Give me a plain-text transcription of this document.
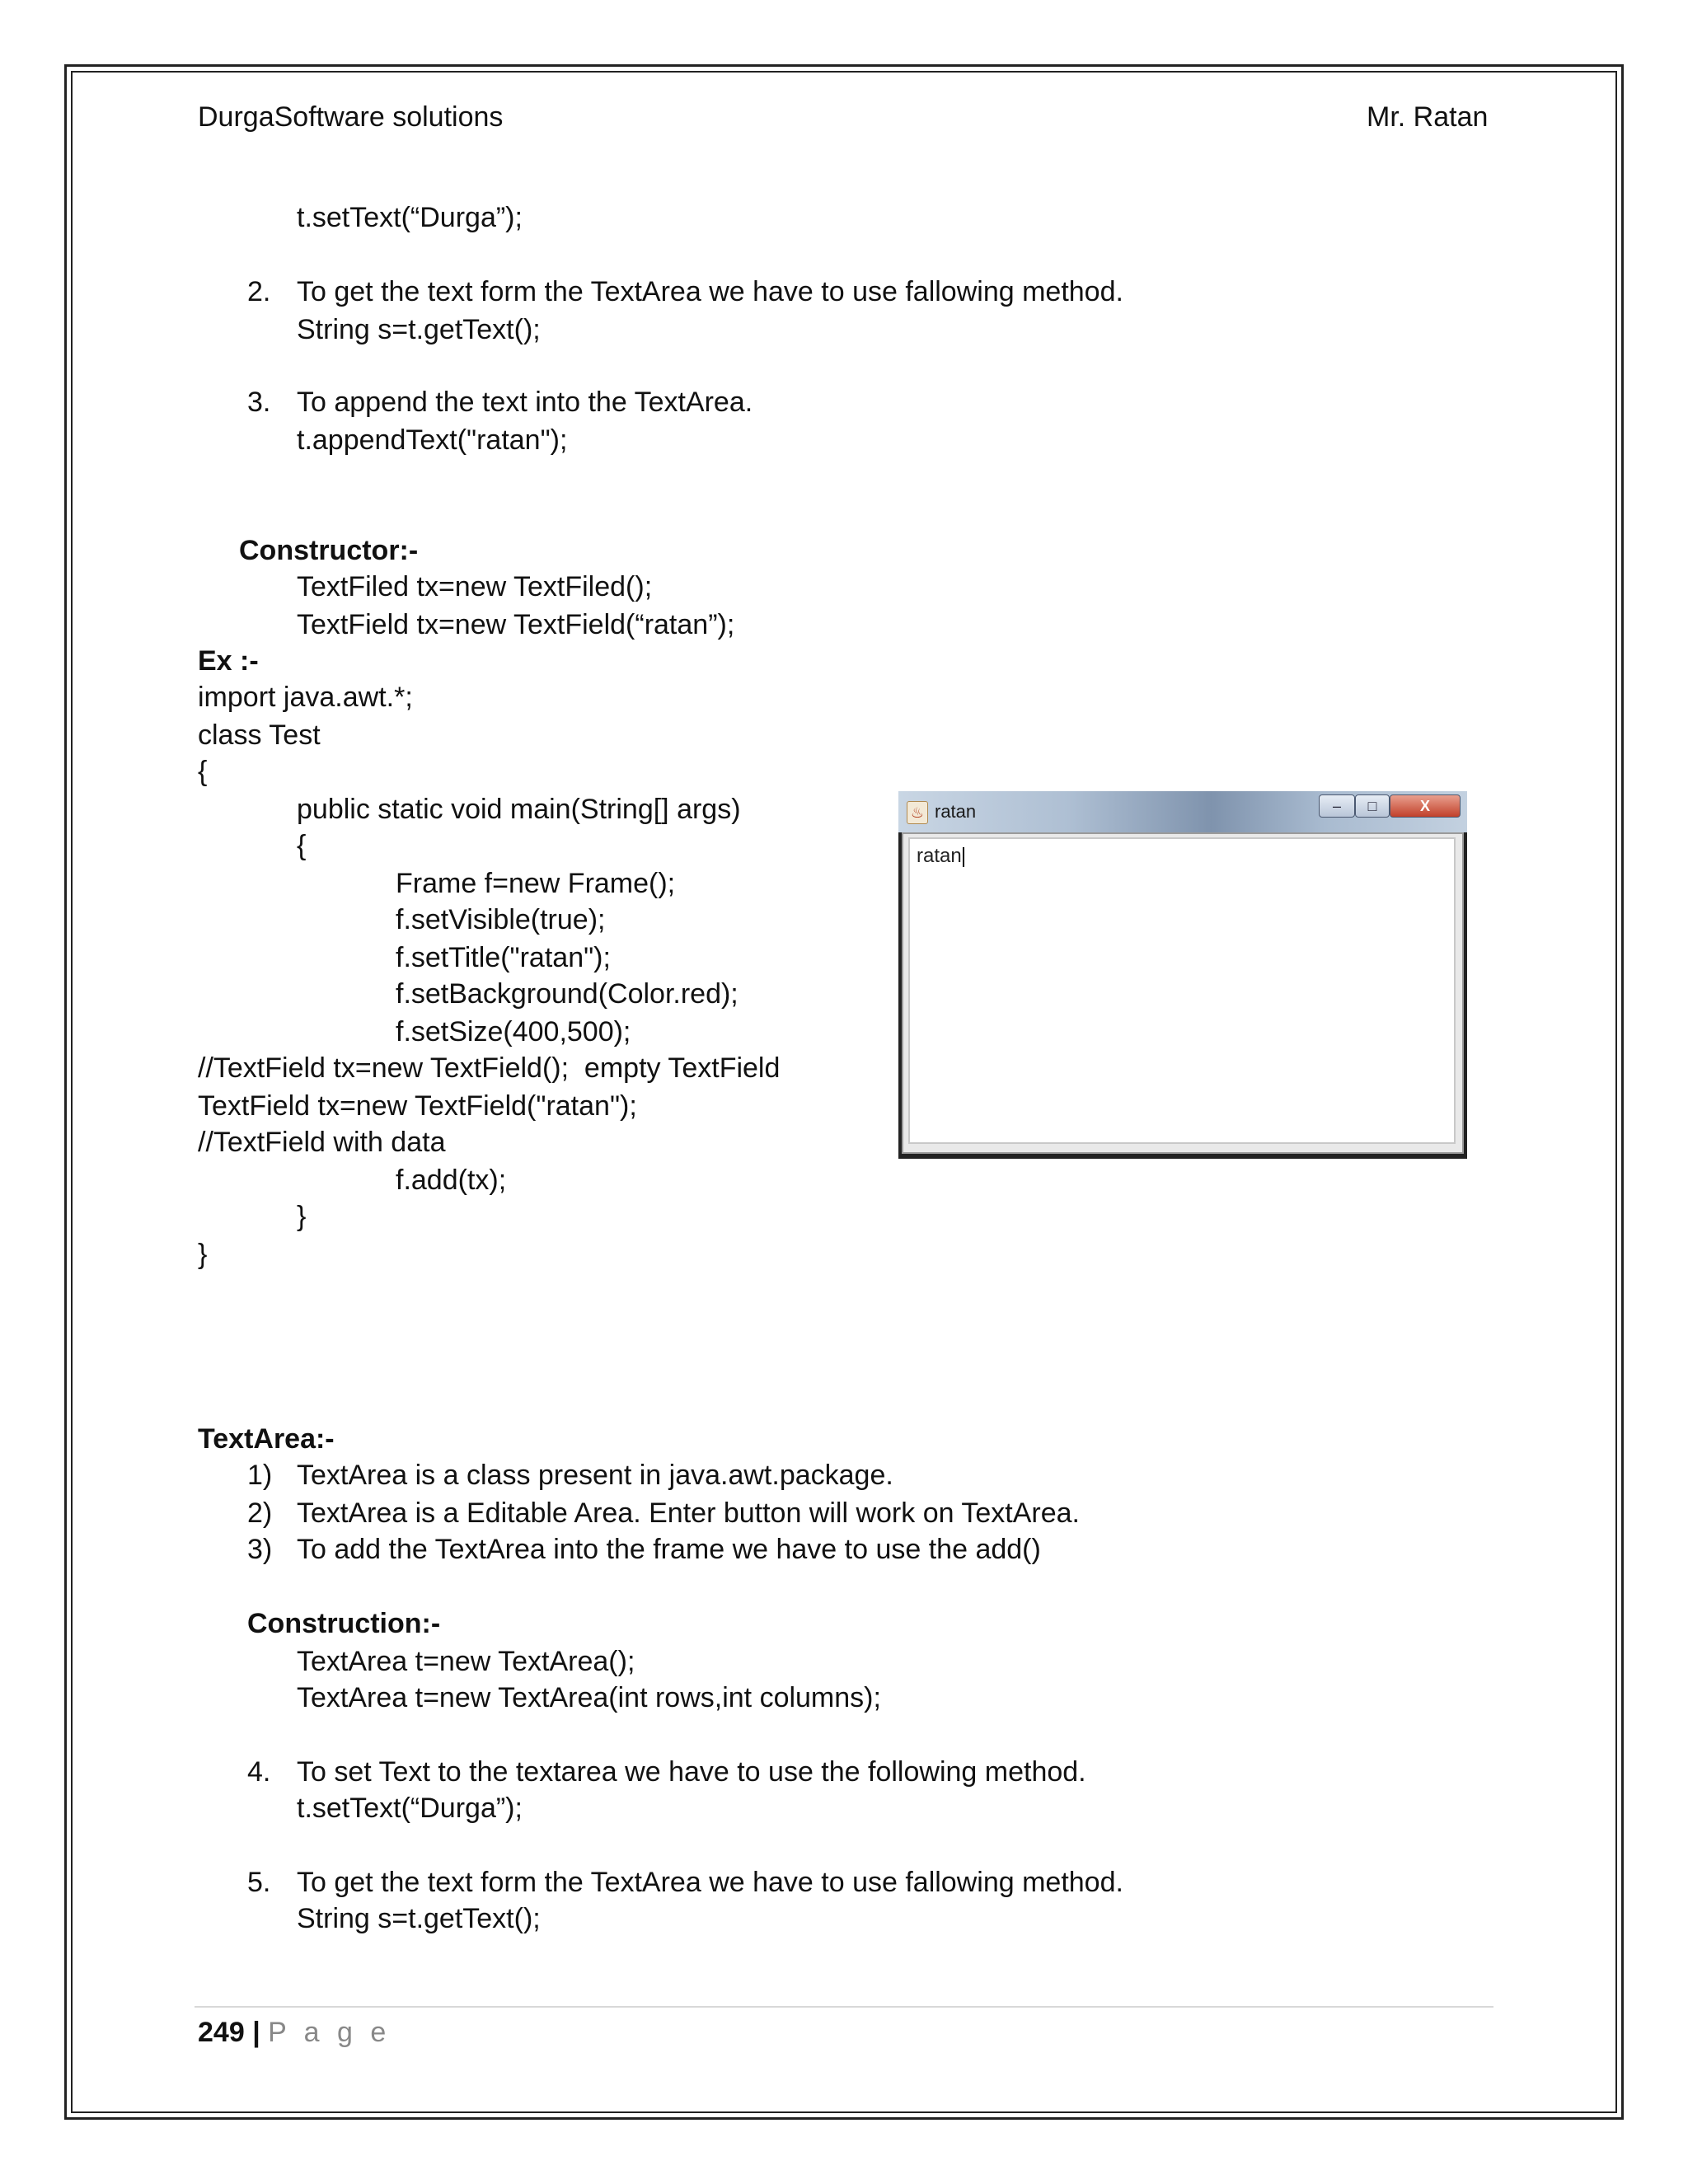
DurgaSoftware solutions	Mr. Ratan
t.setText(“Durga”);
2. To get the text form the TextArea we have to use fallowing method.
String s=t.getText();
3. To append the text into the TextArea.
t.appendText("ratan");
Constructor:-
TextFiled tx=new TextFiled();
TextField tx=new TextField(“ratan”);
Ex :-
import java.awt.*;
class Test
{
public static void main(String[] args)
{
Frame f=new Frame();
f.setVisible(true);
f.setTitle("ratan");
f.setBackground(Color.red);
f.setSize(400,500);
//TextField tx=new TextField();  empty TextField
TextField tx=new TextField("ratan");
//TextField with data
f.add(tx);
}
}
♨ ratan	–	□	X
ratan
TextArea:-
1) TextArea is a class present in java.awt.package.
2) TextArea is a Editable Area. Enter button will work on TextArea.
3) To add the TextArea into the frame we have to use the add()
Construction:-
TextArea t=new TextArea();
TextArea t=new TextArea(int rows,int columns);
4. To set Text to the textarea we have to use the following method.
t.setText(“Durga”);
5. To get the text form the TextArea we have to use fallowing method.
String s=t.getText();
249 | P a g e
